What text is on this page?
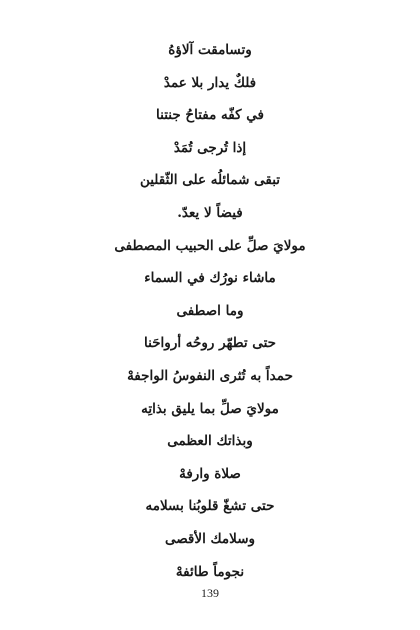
وتسامقت آلاؤهُ
فلكٌ يدار بلا عمدْ
في كفّه مفتاحُ جنتنا
إذا تُرجى تُمَدْ
تبقى شمائلُه على الثّقلين
فيضاً لا يعدّ.
مولايَ صلِّ على الحبيب المصطفى
ماشاء نورُك في السماء
وما اصطفى
حتى تطهّر روحُه أرواحَنا
حمداً به تُثرى النفوسُ الواجفهْ
مولايَ صلِّ بما يليق بذاتِه
وبذاتك العظمى
صلاة وارفهْ
حتى تشغّ قلوبُنا بسلامه
وسلامك الأقصى
نجوماً طائفهْ
139
